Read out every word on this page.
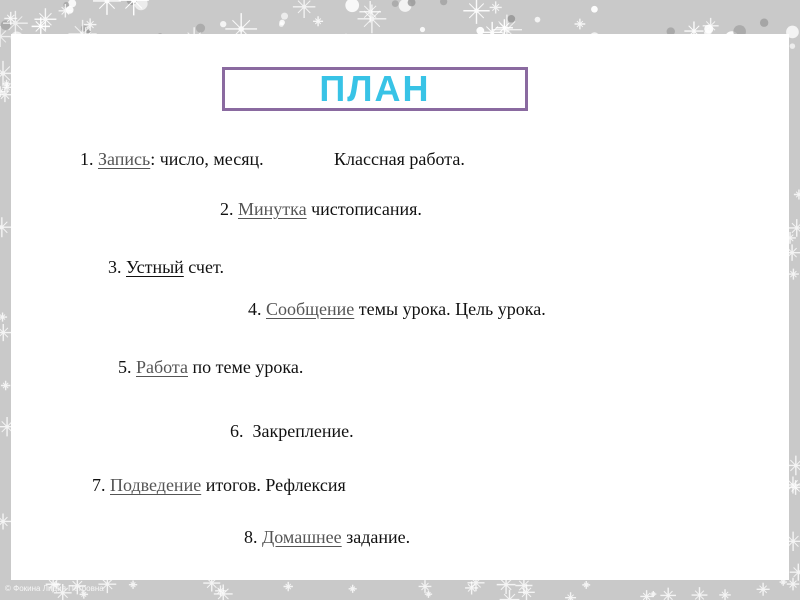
ПЛАН
1. Запись: число, месяц.	Классная работа.
2. Минутка чистописания.
3. Устный счет.
4. Сообщение темы урока. Цель урока.
5. Работа по теме урока.
6. Закрепление.
7. Подведение итогов. Рефлексия
8. Домашнее задание.
© Фокина Лидия Петровна
